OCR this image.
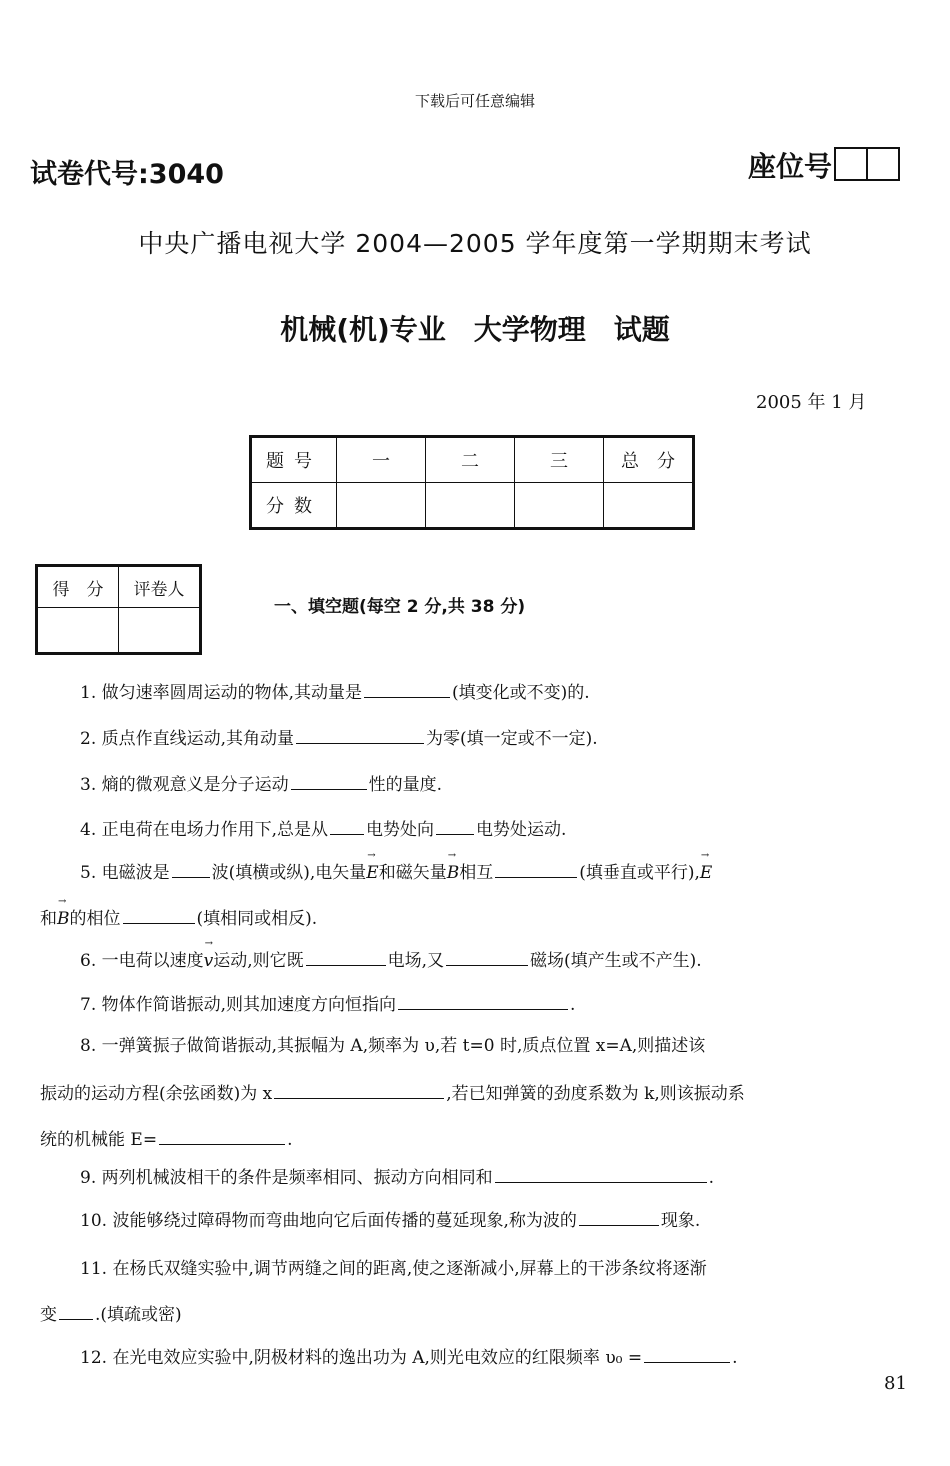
下载后可任意编辑
试卷代号:3040	座位号
中央广播电视大学 2004—2005 学年度第一学期期末考试
机械(机)专业　大学物理　试题
2005 年 1 月
题号	一	二	三	总　分
分数				
得　分	评卷人

一、填空题(每空 2 分,共 38 分)
1. 做匀速率圆周运动的物体,其动量是	(填变化或不变)的.
2. 质点作直线运动,其角动量	为零(填一定或不一定).
3. 熵的微观意义是分子运动	性的量度.
4. 正电荷在电场力作用下,总是从 电势处向 电势处运动.
5. 电磁波是 波(填横或纵),电矢量→ E和磁矢量→ B相互	(填垂直或平行),→ E
和→ B的相位	(填相同或相反).
6. 一电荷以速度→ v运动,则它既	电场,又	磁场(填产生或不产生).
7. 物体作简谐振动,则其加速度方向恒指向	.
8. 一弹簧振子做简谐振动,其振幅为 A,频率为 υ,若 t=0 时,质点位置 x=A,则描述该
振动的运动方程(余弦函数)为 x	,若已知弹簧的劲度系数为 k,则该振动系
统的机械能 E=	.
9. 两列机械波相干的条件是频率相同、振动方向相同和	.
10. 波能够绕过障碍物而弯曲地向它后面传播的蔓延现象,称为波的	现象.
11. 在杨氏双缝实验中,调节两缝之间的距离,使之逐渐减小,屏幕上的干涉条纹将逐渐
变 .(填疏或密)
12. 在光电效应实验中,阴极材料的逸出功为 A,则光电效应的红限频率 υ₀ =	.
81
